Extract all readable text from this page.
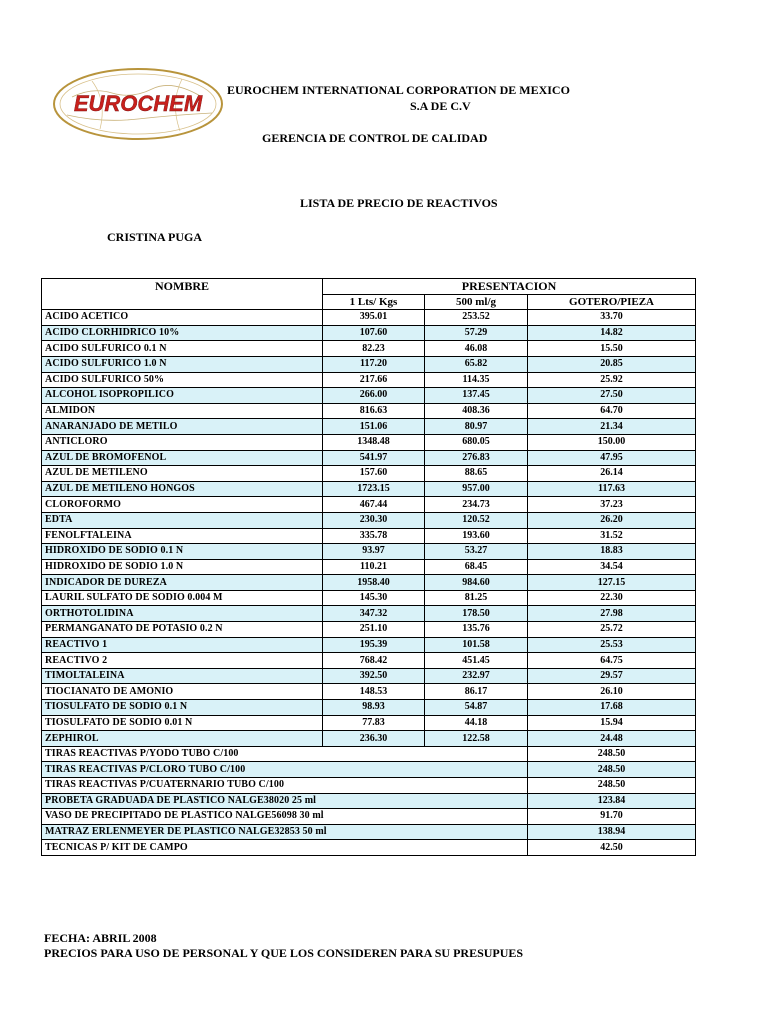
EUROCHEM
EUROCHEM INTERNATIONAL CORPORATION DE MEXICO
S.A DE C.V
GERENCIA DE CONTROL DE CALIDAD
LISTA DE PRECIO DE REACTIVOS
CRISTINA PUGA
NOMBRE	PRESENTACION		
	1 Lts/ Kgs	500 ml/g	GOTERO/PIEZA
ACIDO ACETICO	395.01	253.52	33.70
ACIDO CLORHIDRICO 10%	107.60	57.29	14.82
ACIDO SULFURICO 0.1 N	82.23	46.08	15.50
ACIDO SULFURICO 1.0 N	117.20	65.82	20.85
ACIDO SULFURICO 50%	217.66	114.35	25.92
ALCOHOL ISOPROPILICO	266.00	137.45	27.50
ALMIDON	816.63	408.36	64.70
ANARANJADO DE METILO	151.06	80.97	21.34
ANTICLORO	1348.48	680.05	150.00
AZUL DE BROMOFENOL	541.97	276.83	47.95
AZUL DE METILENO	157.60	88.65	26.14
AZUL DE METILENO HONGOS	1723.15	957.00	117.63
CLOROFORMO	467.44	234.73	37.23
EDTA	230.30	120.52	26.20
FENOLFTALEINA	335.78	193.60	31.52
HIDROXIDO DE SODIO 0.1 N	93.97	53.27	18.83
HIDROXIDO DE SODIO 1.0 N	110.21	68.45	34.54
INDICADOR DE DUREZA	1958.40	984.60	127.15
LAURIL SULFATO DE SODIO 0.004 M	145.30	81.25	22.30
ORTHOTOLIDINA	347.32	178.50	27.98
PERMANGANATO DE POTASIO 0.2 N	251.10	135.76	25.72
REACTIVO 1	195.39	101.58	25.53
REACTIVO 2	768.42	451.45	64.75
TIMOLTALEINA	392.50	232.97	29.57
TIOCIANATO DE AMONIO	148.53	86.17	26.10
TIOSULFATO DE SODIO 0.1 N	98.93	54.87	17.68
TIOSULFATO DE SODIO 0.01 N	77.83	44.18	15.94
ZEPHIROL	236.30	122.58	24.48
TIRAS REACTIVAS P/YODO TUBO C/100			248.50
TIRAS REACTIVAS P/CLORO TUBO C/100			248.50
TIRAS REACTIVAS P/CUATERNARIO TUBO C/100			248.50
PROBETA GRADUADA DE PLASTICO NALGE38020 25 ml			123.84
VASO DE PRECIPITADO DE PLASTICO NALGE56098 30 ml			91.70
MATRAZ ERLENMEYER DE PLASTICO NALGE32853 50 ml			138.94
TECNICAS P/ KIT DE CAMPO			42.50
FECHA: ABRIL 2008
PRECIOS PARA USO DE PERSONAL Y QUE LOS CONSIDEREN PARA SU PRESUPUES
